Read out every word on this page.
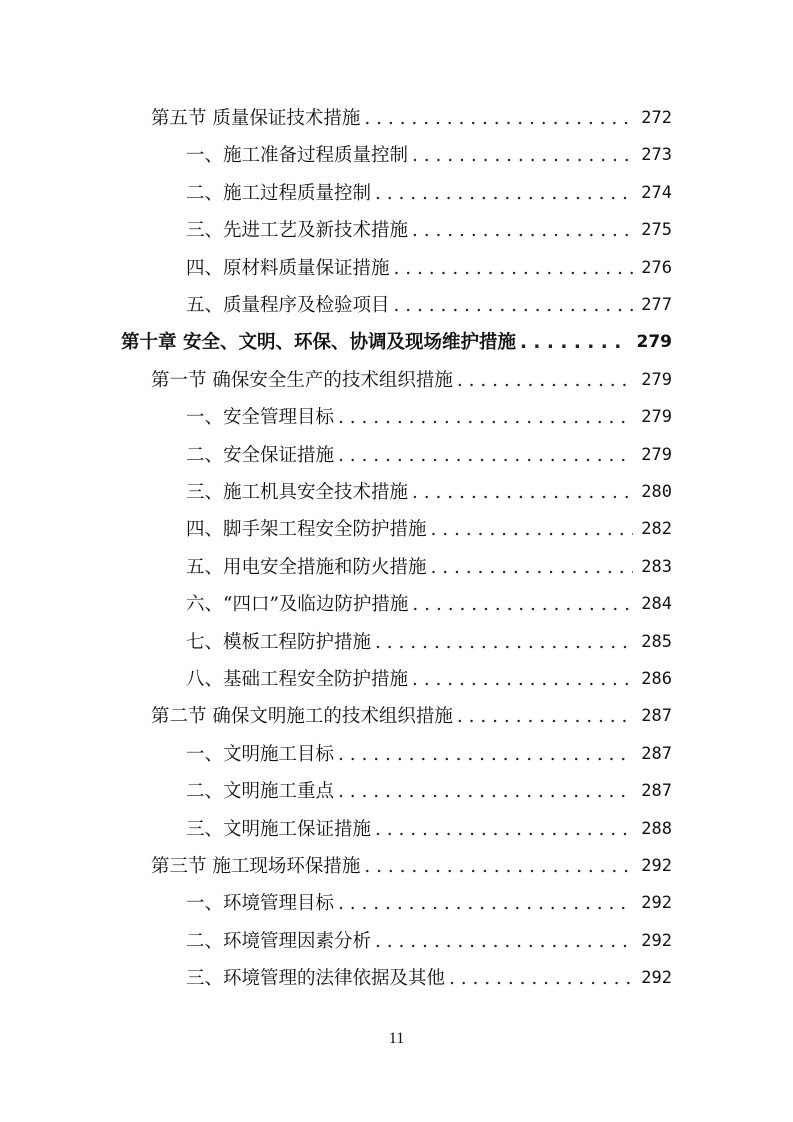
第五节 质量保证技术措施 . . .	272
一、施工准备过程质量控制 . . .	273
二、施工过程质量控制 . . .	274
三、先进工艺及新技术措施 . . .	275
四、原材料质量保证措施 . . .	276
五、质量程序及检验项目 . . .	277
第十章 安全、文明、环保、协调及现场维护措施 . . .	279
第一节 确保安全生产的技术组织措施 . . .	279
一、安全管理目标 . . .	279
二、安全保证措施 . . .	279
三、施工机具安全技术措施 . . .	280
四、脚手架工程安全防护措施 . . .	282
五、用电安全措施和防火措施 . . .	283
六、“四口”及临边防护措施 . . .	284
七、模板工程防护措施 . . .	285
八、基础工程安全防护措施 . . .	286
第二节 确保文明施工的技术组织措施 . . .	287
一、文明施工目标 . . .	287
二、文明施工重点 . . .	287
三、文明施工保证措施 . . .	288
第三节 施工现场环保措施 . . .	292
一、环境管理目标 . . .	292
二、环境管理因素分析 . . .	292
三、环境管理的法律依据及其他 . . .	292
11
